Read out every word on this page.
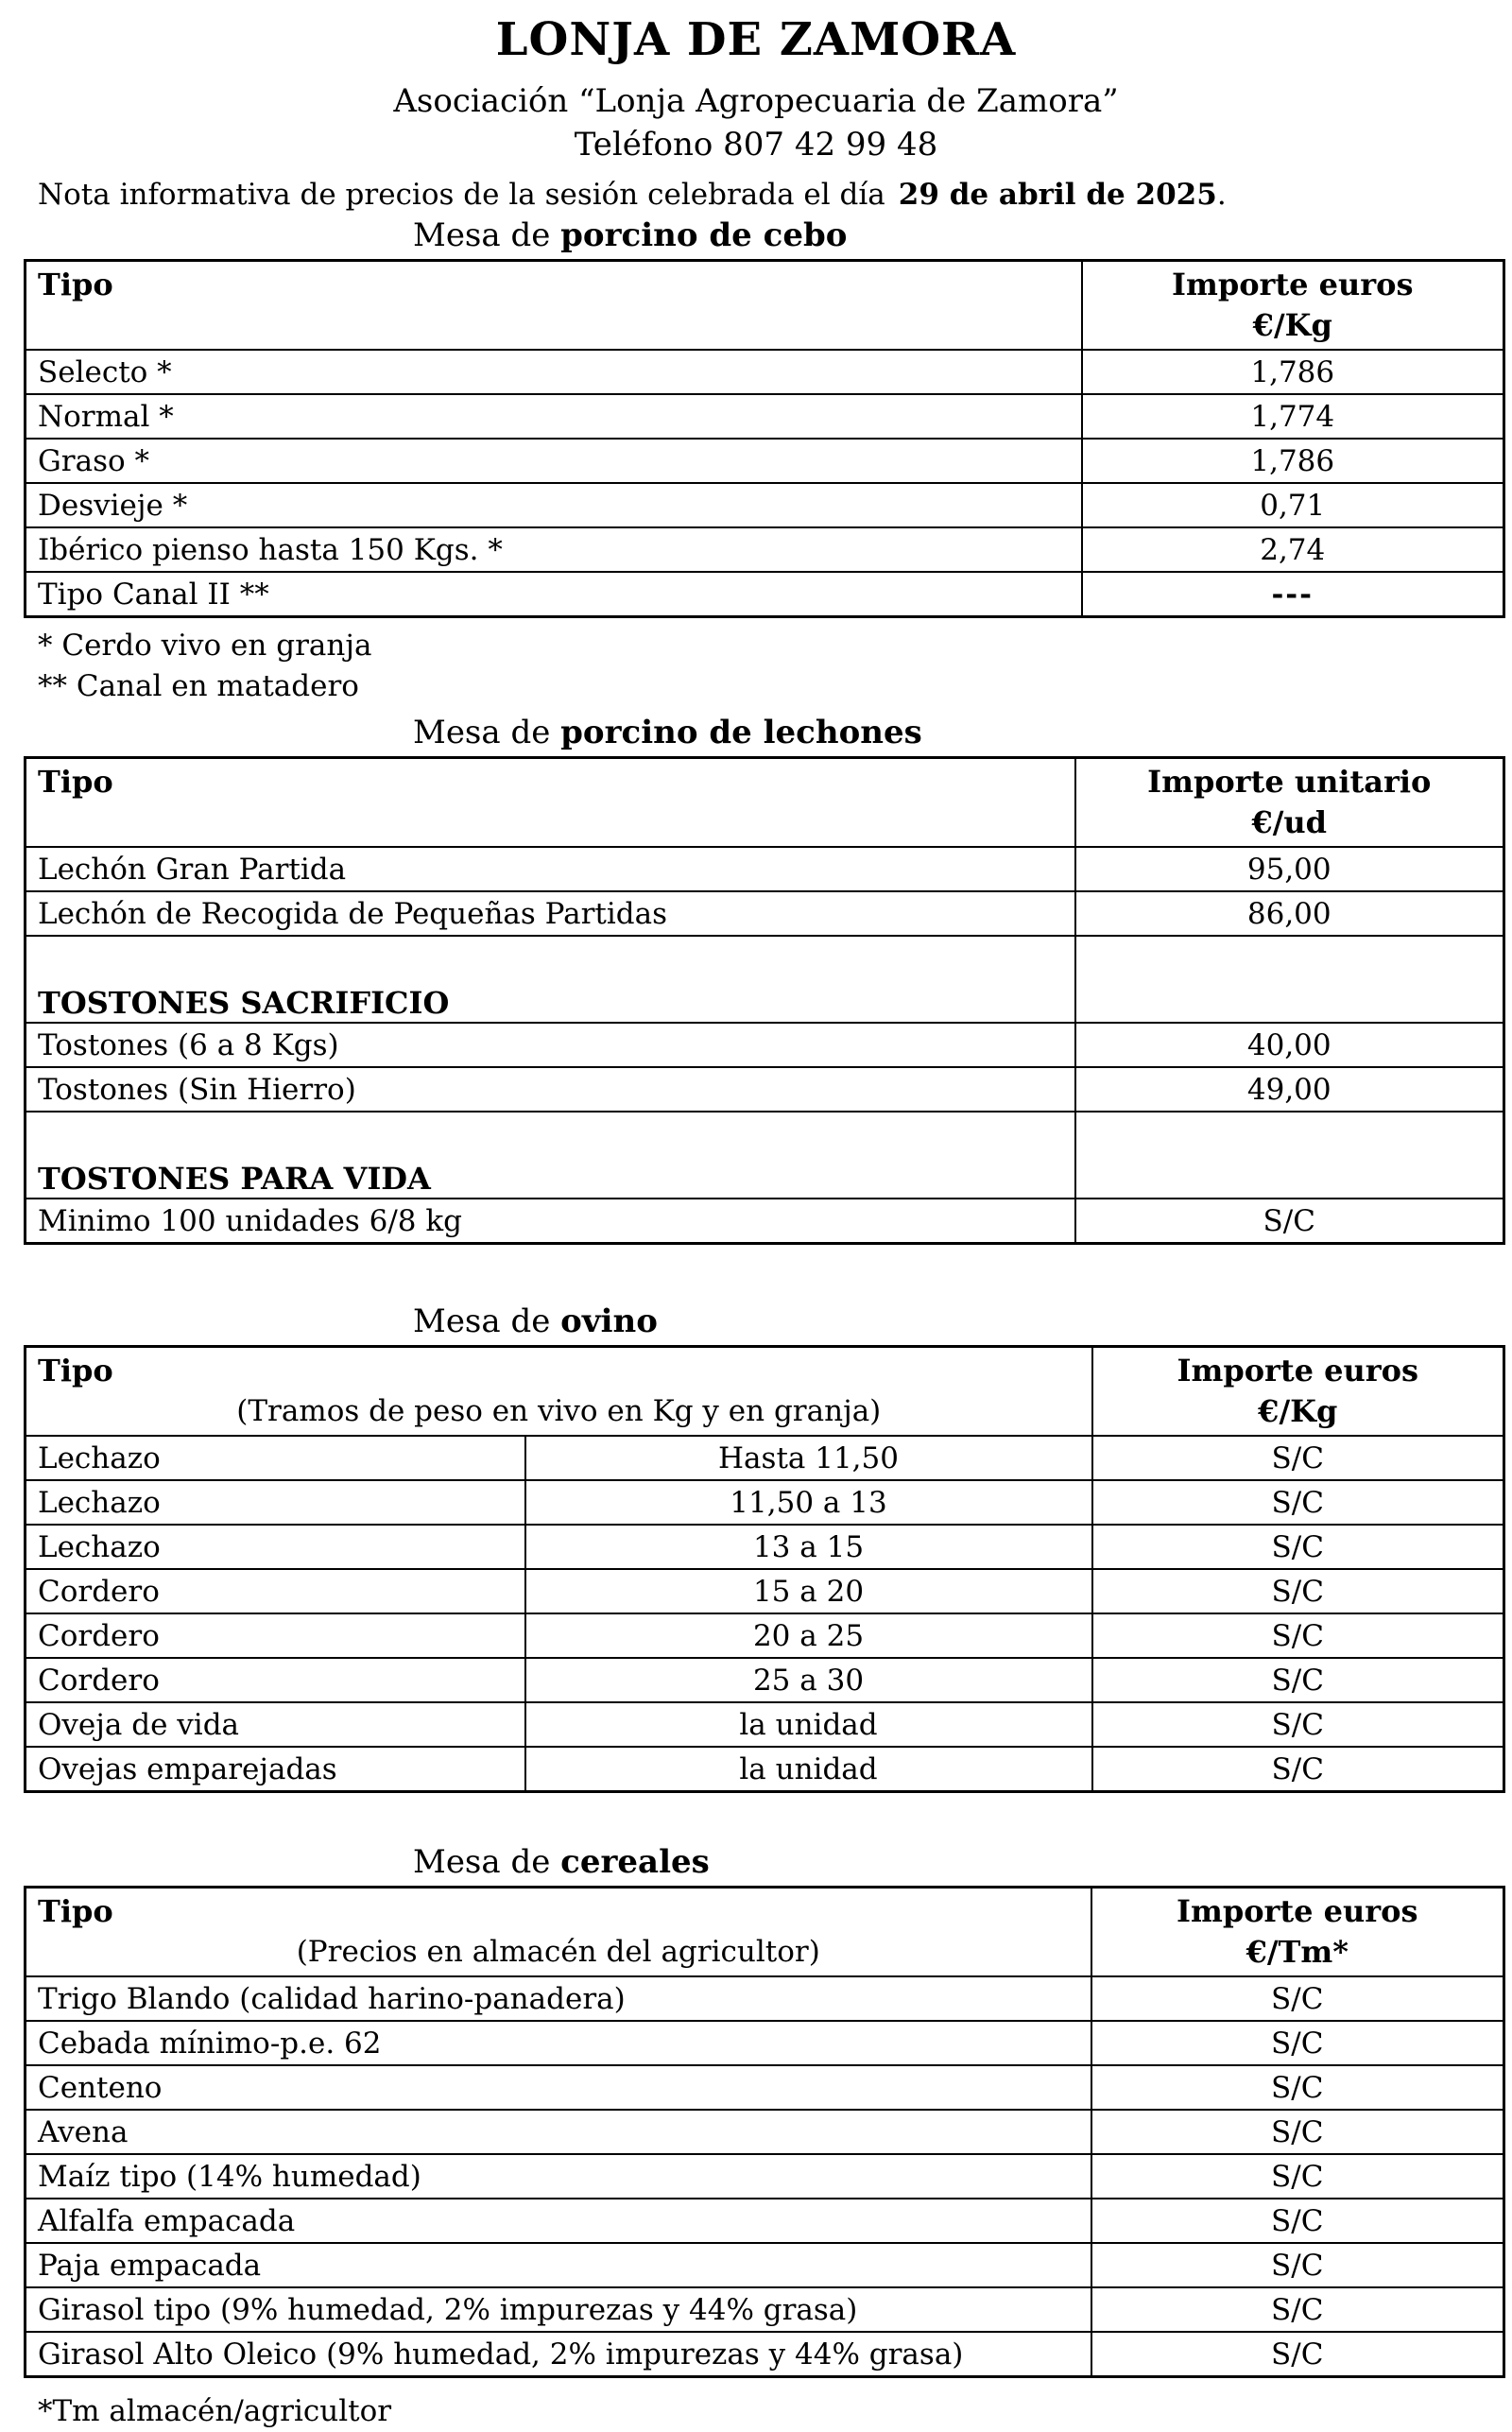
LONJA DE ZAMORA
Asociación “Lonja Agropecuaria de Zamora”
Teléfono 807 42 99 48
Nota informativa de precios de la sesión celebrada el día 29 de abril de 2025.
Mesa de porcino de cebo
Tipo	Importe euros
€/Kg

Selecto *	1,786
Normal *	1,774
Graso *	1,786
Desvieje *	0,71
Ibérico pienso hasta 150 Kgs. *	2,74
Tipo Canal II **	---
* Cerdo vivo en granja
** Canal en matadero
Mesa de porcino de lechones
Tipo	Importe unitario
€/ud

Lechón Gran Partida	95,00
Lechón de Recogida de Pequeñas Partidas	86,00
TOSTONES SACRIFICIO	
Tostones (6 a 8 Kgs)	40,00
Tostones (Sin Hierro)	49,00
TOSTONES PARA VIDA	
Minimo 100 unidades 6/8 kg	S/C
Mesa de ovino
Tipo
(Tramos de peso en vivo en Kg y en granja)

Importe euros
€/Kg

Lechazo	Hasta 11,50	S/C
Lechazo	11,50 a 13	S/C
Lechazo	13 a 15	S/C
Cordero	15 a 20	S/C
Cordero	20 a 25	S/C
Cordero	25 a 30	S/C
Oveja de vida	la unidad	S/C
Ovejas emparejadas	la unidad	S/C
Mesa de cereales
Tipo
(Precios en almacén del agricultor)

Importe euros
€/Tm*

Trigo Blando (calidad harino-panadera)	S/C
Cebada mínimo-p.e. 62	S/C
Centeno	S/C
Avena	S/C
Maíz tipo (14% humedad)	S/C
Alfalfa empacada	S/C
Paja empacada	S/C
Girasol tipo (9% humedad, 2% impurezas y 44% grasa)	S/C
Girasol Alto Oleico (9% humedad, 2% impurezas y 44% grasa)	S/C
*Tm almacén/agricultor
